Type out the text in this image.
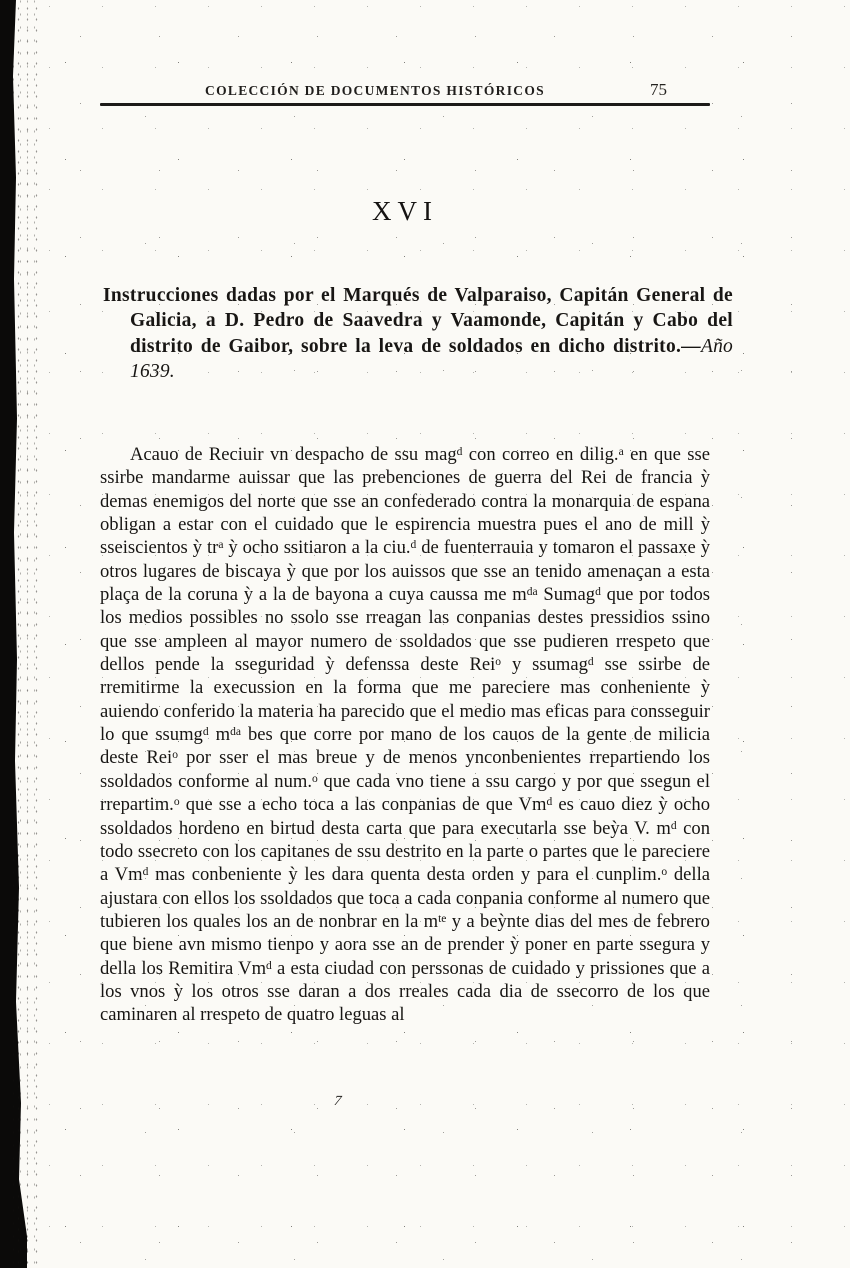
COLECCIÓN DE DOCUMENTOS HISTÓRICOS	75
XVI
Instrucciones dadas por el Marqués de Valparaiso, Capitán General de Galicia, a D. Pedro de Saavedra y Vaamonde, Capitán y Cabo del distrito de Gaibor, sobre la leva de soldados en dicho distrito.—Año 1639.
Acauo de Reciuir vn despacho de ssu mag$^d$ con correo en dilig.$^a$ en que sse ssirbe mandarme auissar que las prebenciones de guerra del Rei de francia ỳ demas enemigos del norte que sse an confederado contra la monarquia de espana obligan a estar con el cuidado que le espirencia muestra pues el ano de mill ỳ sseiscientos ỳ $tr^a$ ỳ ocho ssitiaron a la ciu.$^d$ de fuenterrauia y tomaron el passaxe ỳ otros lugares de biscaya ỳ que por los auissos que sse an tenido amenaçan a esta plaça de la coruna ỳ a la de bayona a cuya caussa me $m^{da}$ Sumag$^d$ que por todos los medios possibles no ssolo sse rreagan las conpanias destes pressidios ssino que sse ampleen al mayor numero de ssoldados que sse pudieren rrespeto que dellos pende la sseguridad ỳ defenssa deste Rei$^o$ y ssumag$^d$ sse ssirbe de rremitirme la execussion en la forma que me pareciere mas conheniente ỳ auiendo conferido la materia ha parecido que el medio mas eficas para consseguir lo que ssumg$^d$ $m^{da}$ bes que corre por mano de los cauos de la gente de milicia deste Rei$^o$ por sser el mas breue y de menos ynconbenientes rrepartiendo los ssoldados conforme al num.$^o$ que cada vno tiene a ssu cargo y por que ssegun el rrepartim.$^o$ que sse a echo toca a las conpanias de que Vm$^d$ es cauo diez ỳ ocho ssoldados hordeno en birtud desta carta que para executarla sse beỳa V. $m^d$ con todo ssecreto con los capitanes de ssu destrito en la parte o partes que le pareciere a Vm$^d$ mas conbeniente ỳ les dara quenta desta orden y para el cunplim.$^o$ della ajustara con ellos los ssoldados que toca a cada conpania conforme al numero que tubieren los quales los an de nonbrar en la $m^{te}$ y a beỳnte dias del mes de febrero que biene avn mismo tienpo y aora sse an de prender ỳ poner en parte ssegura y della los Remitira Vm$^d$ a esta ciudad con perssonas de cuidado y prissiones que a los vnos ỳ los otros sse daran a dos rreales cada dia de ssecorro de los que caminaren al rrespeto de quatro leguas al
7
